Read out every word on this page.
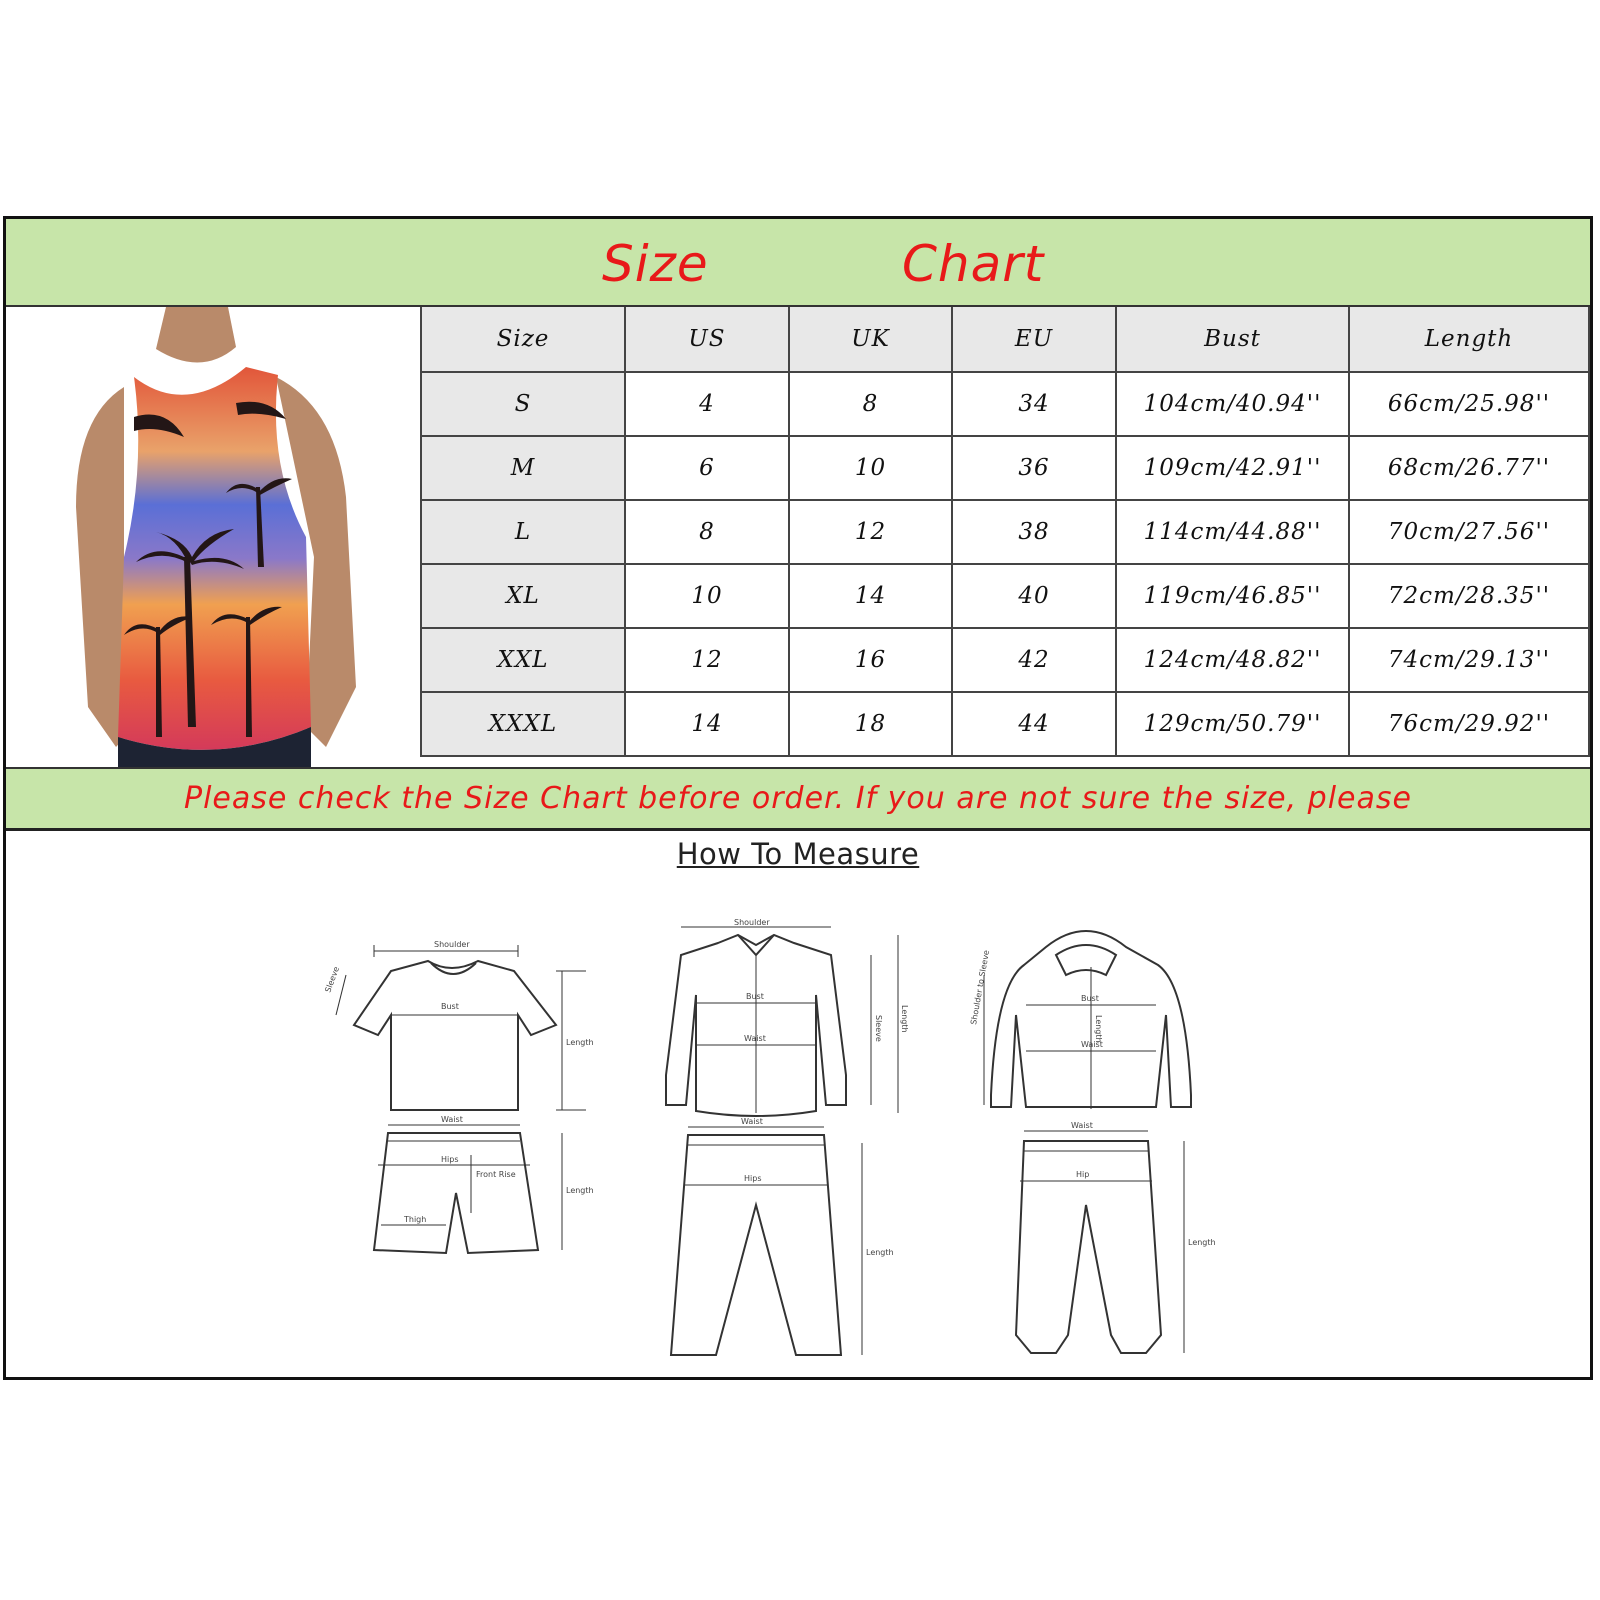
Size	Chart
Size	US	UK	EU	Bust	Length
S	4	8	34	104cm/40.94''	66cm/25.98''
M	6	10	36	109cm/42.91''	68cm/26.77''
L	8	12	38	114cm/44.88''	70cm/27.56''
XL	10	14	40	119cm/46.85''	72cm/28.35''
XXL	12	16	42	124cm/48.82''	74cm/29.13''
XXXL	14	18	44	129cm/50.79''	76cm/29.92''
Please check the Size Chart before order. If you are not sure the size, please
How To Measure
Shoulder
Bust
Length
Sleeve
Waist
Hips
Front Rise
Thigh
Length
Shoulder
Bust
Waist	Sleeve Length
Waist
Hips
Length
Bust
Waist
Length
Shoulder to Sleeve
Waist
Hip
Length
